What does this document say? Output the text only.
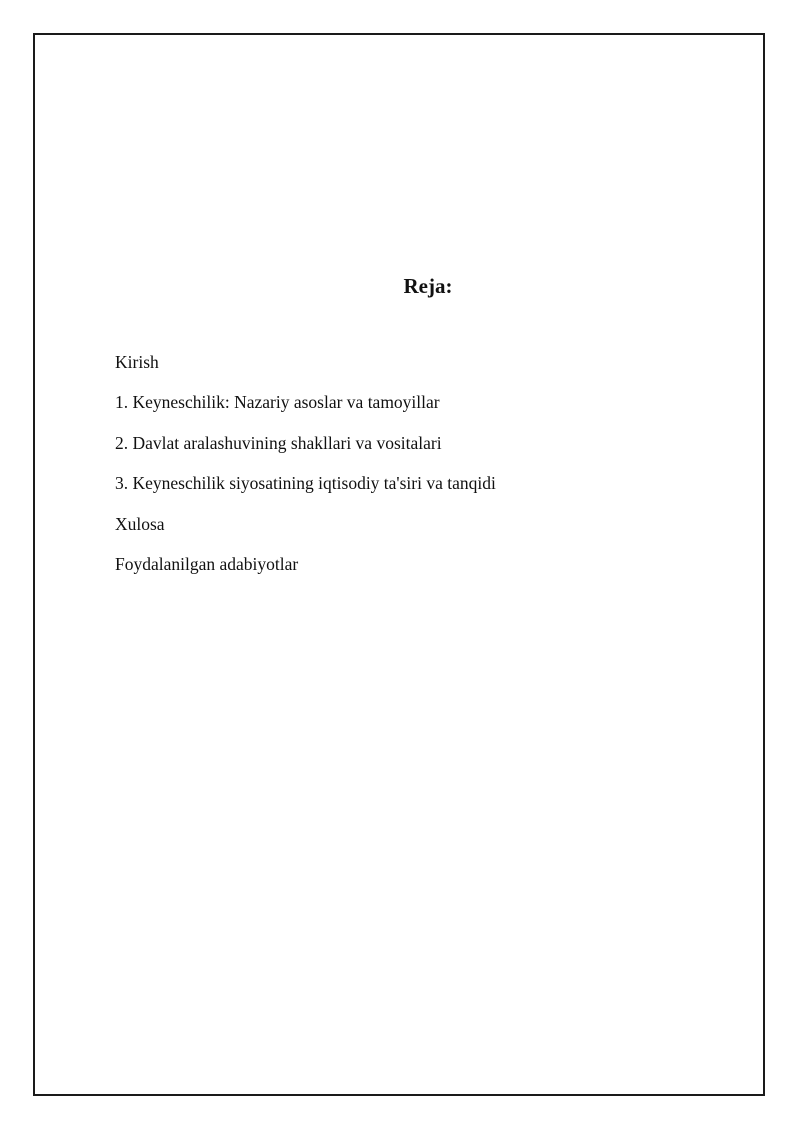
Reja:
Kirish
1. Keyneschilik: Nazariy asoslar va tamoyillar
2. Davlat aralashuvining shakllari va vositalari
3. Keyneschilik siyosatining iqtisodiy ta'siri va tanqidi
Xulosa
Foydalanilgan adabiyotlar
